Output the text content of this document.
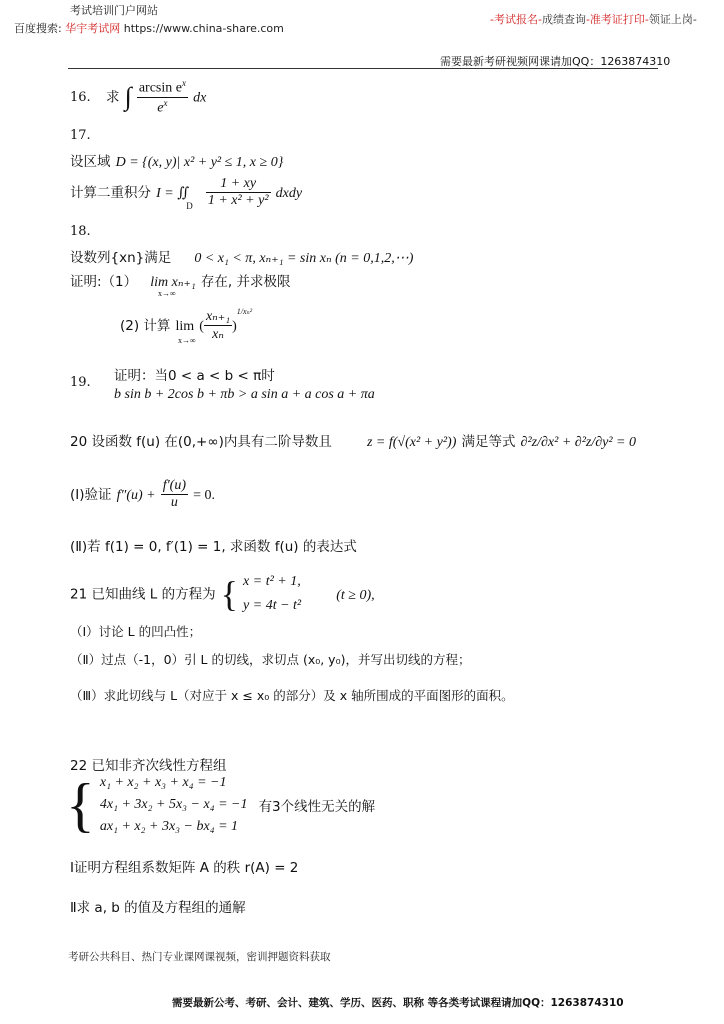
考试培训门户网站
百度搜索: 华宇考试网 https://www.china-share.com
-考试报名-成绩查询-准考证打印-领证上岗-
需要最新考研视频网课请加QQ：1263874310
16. 求 ∫ $\frac{\arcsin e^x}{e^x}$ dx
17.
设区域 D = {(x, y)| x² + y² ≤ 1, x ≥ 0}
计算二重积分 I = ∬ $_D \frac{1 + xy}{\text{1 + x² + y²}}$ dxdy
18.
设数列{xn}满足 0 < x₁ < π, xₙ₊₁ = sin xₙ (n = 0,1,2,⋯)
证明:（1） lim xₙ₊₁ 存在, 并求极限
x→∞
(2) 计算 lim ( $\frac{\text{xₙ₊₁}}{\text{xₙ}} )^{1/x_n^2}$
x→∞
19. 证明：当0 < a < b < π时
b sin b + 2cos b + πb > a sin a + a cos a + πa
20 设函数 f(u) 在(0,+∞)内具有二阶导数且	z = f(√(x² + y²)) 满足等式 ∂²z/∂x² + ∂²z/∂y² = 0
(Ⅰ)验证 $f''(u) + \frac{f'(u)}{u} = 0$.
(Ⅱ)若 f(1) = 0, f′(1) = 1, 求函数 f(u) 的表达式
21 已知曲线 L 的方程为 { x = t² + 1,
y = 4t − t²
(t ≥ 0),
（Ⅰ）讨论 L 的凹凸性；
（Ⅱ）过点（-1，0）引 L 的切线，求切点 (x₀, y₀)，并写出切线的方程；
（Ⅲ）求此切线与 L（对应于 x ≤ x₀ 的部分）及 x 轴所围成的平面图形的面积。
22 已知非齐次线性方程组
{ x₁ + x₂ + x₃ + x₄ = −1
4x₁ + 3x₂ + 5x₃ − x₄ = −1
ax₁ + x₂ + 3x₃ − bx₄ = 1
有3个线性无关的解
Ⅰ证明方程组系数矩阵 A 的秩 r(A) = 2
Ⅱ求 a, b 的值及方程组的通解
考研公共科目、热门专业课网课视频，密训押题资料获取
需要最新公考、考研、会计、建筑、学历、医药、职称 等各类考试课程请加QQ：1263874310
